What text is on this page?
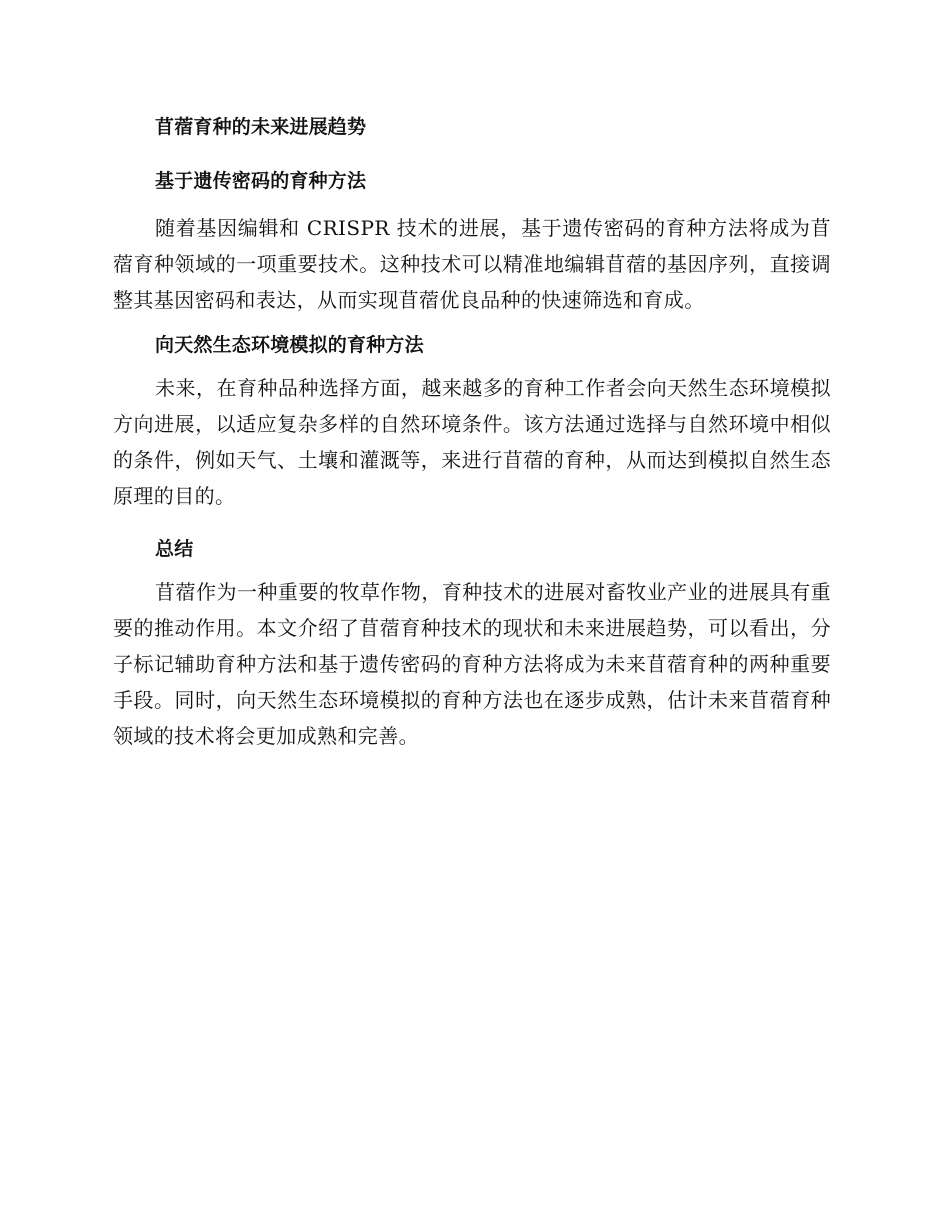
苜蓿育种的未来进展趋势
基于遗传密码的育种方法

随着基因编辑和 CRISPR 技术的进展，基于遗传密码的育种方法将成为苜蓿育种领域的一项重要技术。这种技术可以精准地编辑苜蓿的基因序列，直接调整其基因密码和表达，从而实现苜蓿优良品种的快速筛选和育成。

向天然生态环境模拟的育种方法

未来，在育种品种选择方面，越来越多的育种工作者会向天然生态环境模拟方向进展，以适应复杂多样的自然环境条件。该方法通过选择与自然环境中相似的条件，例如天气、土壤和灌溉等，来进行苜蓿的育种，从而达到模拟自然生态原理的目的。

总结

苜蓿作为一种重要的牧草作物，育种技术的进展对畜牧业产业的进展具有重要的推动作用。本文介绍了苜蓿育种技术的现状和未来进展趋势，可以看出，分子标记辅助育种方法和基于遗传密码的育种方法将成为未来苜蓿育种的两种重要手段。同时，向天然生态环境模拟的育种方法也在逐步成熟，估计未来苜蓿育种领域的技术将会更加成熟和完善。
